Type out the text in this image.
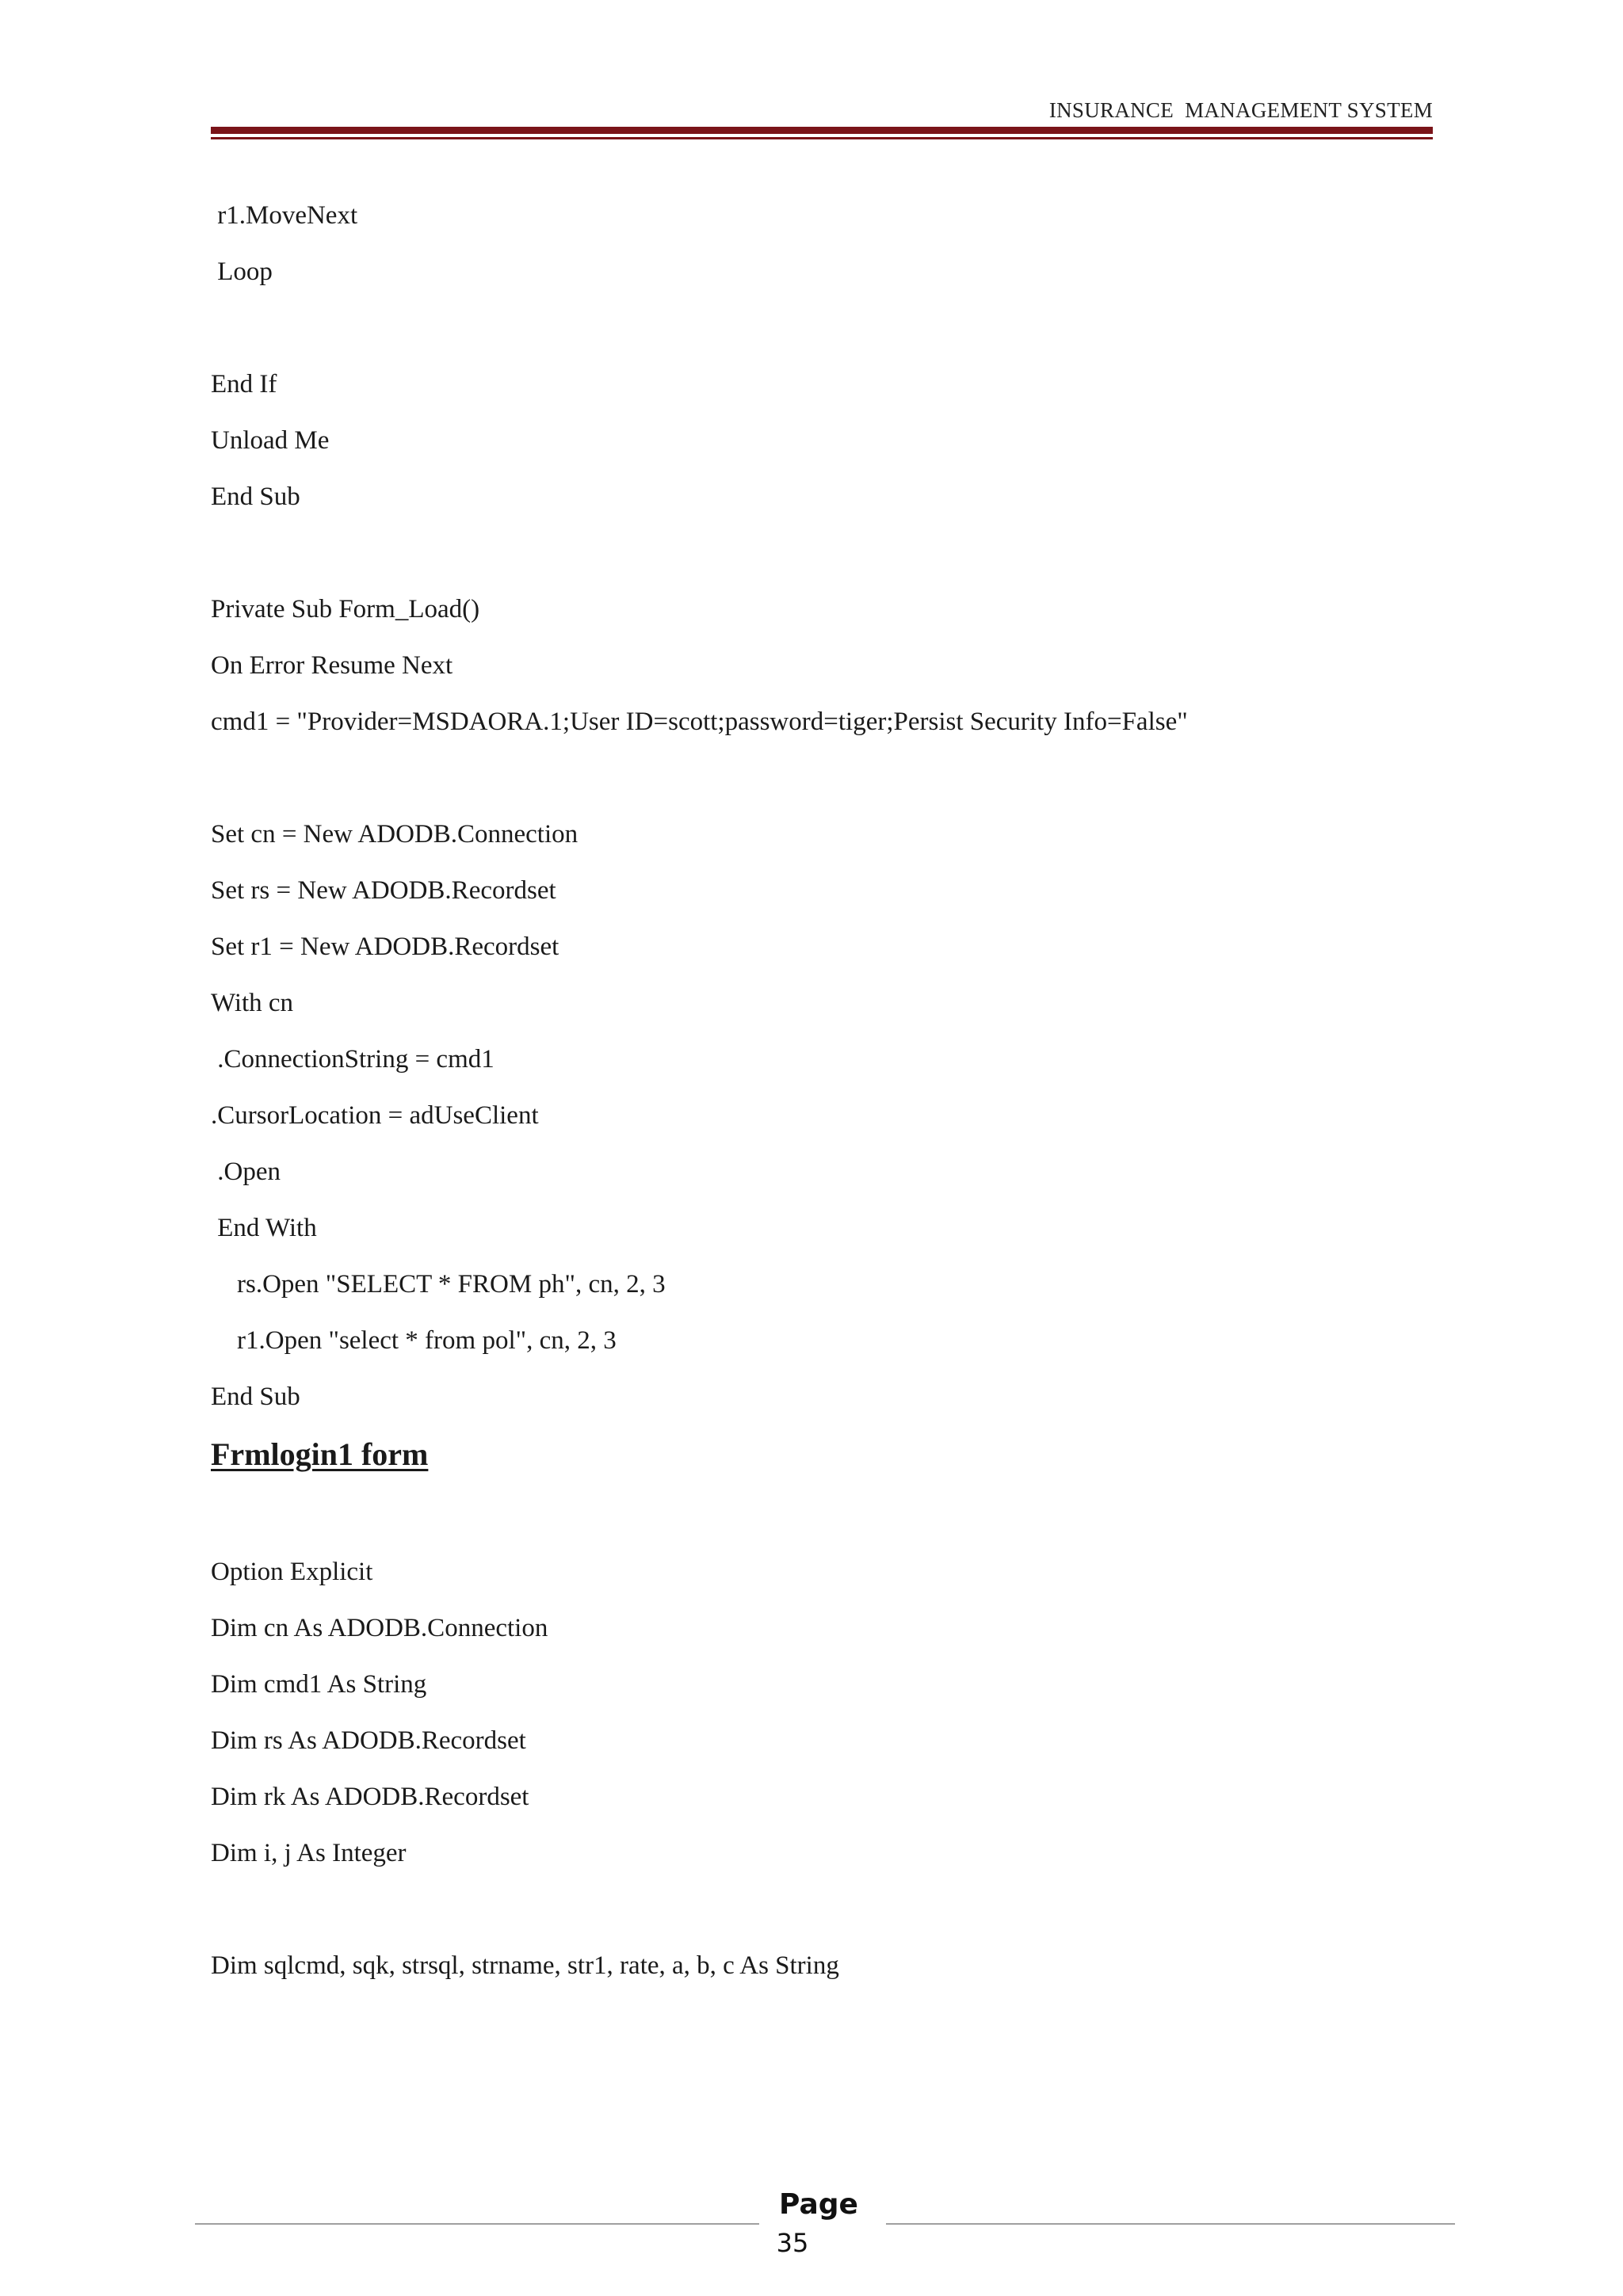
INSURANCE  MANAGEMENT SYSTEM
r1.MoveNext
Loop
End If
Unload Me
End Sub
Private Sub Form_Load()
On Error Resume Next
cmd1 = "Provider=MSDAORA.1;User ID=scott;password=tiger;Persist Security Info=False"
Set cn = New ADODB.Connection
Set rs = New ADODB.Recordset
Set r1 = New ADODB.Recordset
With cn
.ConnectionString = cmd1
.CursorLocation = adUseClient
.Open
End With
rs.Open "SELECT * FROM ph", cn, 2, 3
r1.Open "select * from pol", cn, 2, 3
End Sub
Frmlogin1 form
Option Explicit
Dim cn As ADODB.Connection
Dim cmd1 As String
Dim rs As ADODB.Recordset
Dim rk As ADODB.Recordset
Dim i, j As Integer
Dim sqlcmd, sqk, strsql, strname, str1, rate, a, b, c As String
Page
35
